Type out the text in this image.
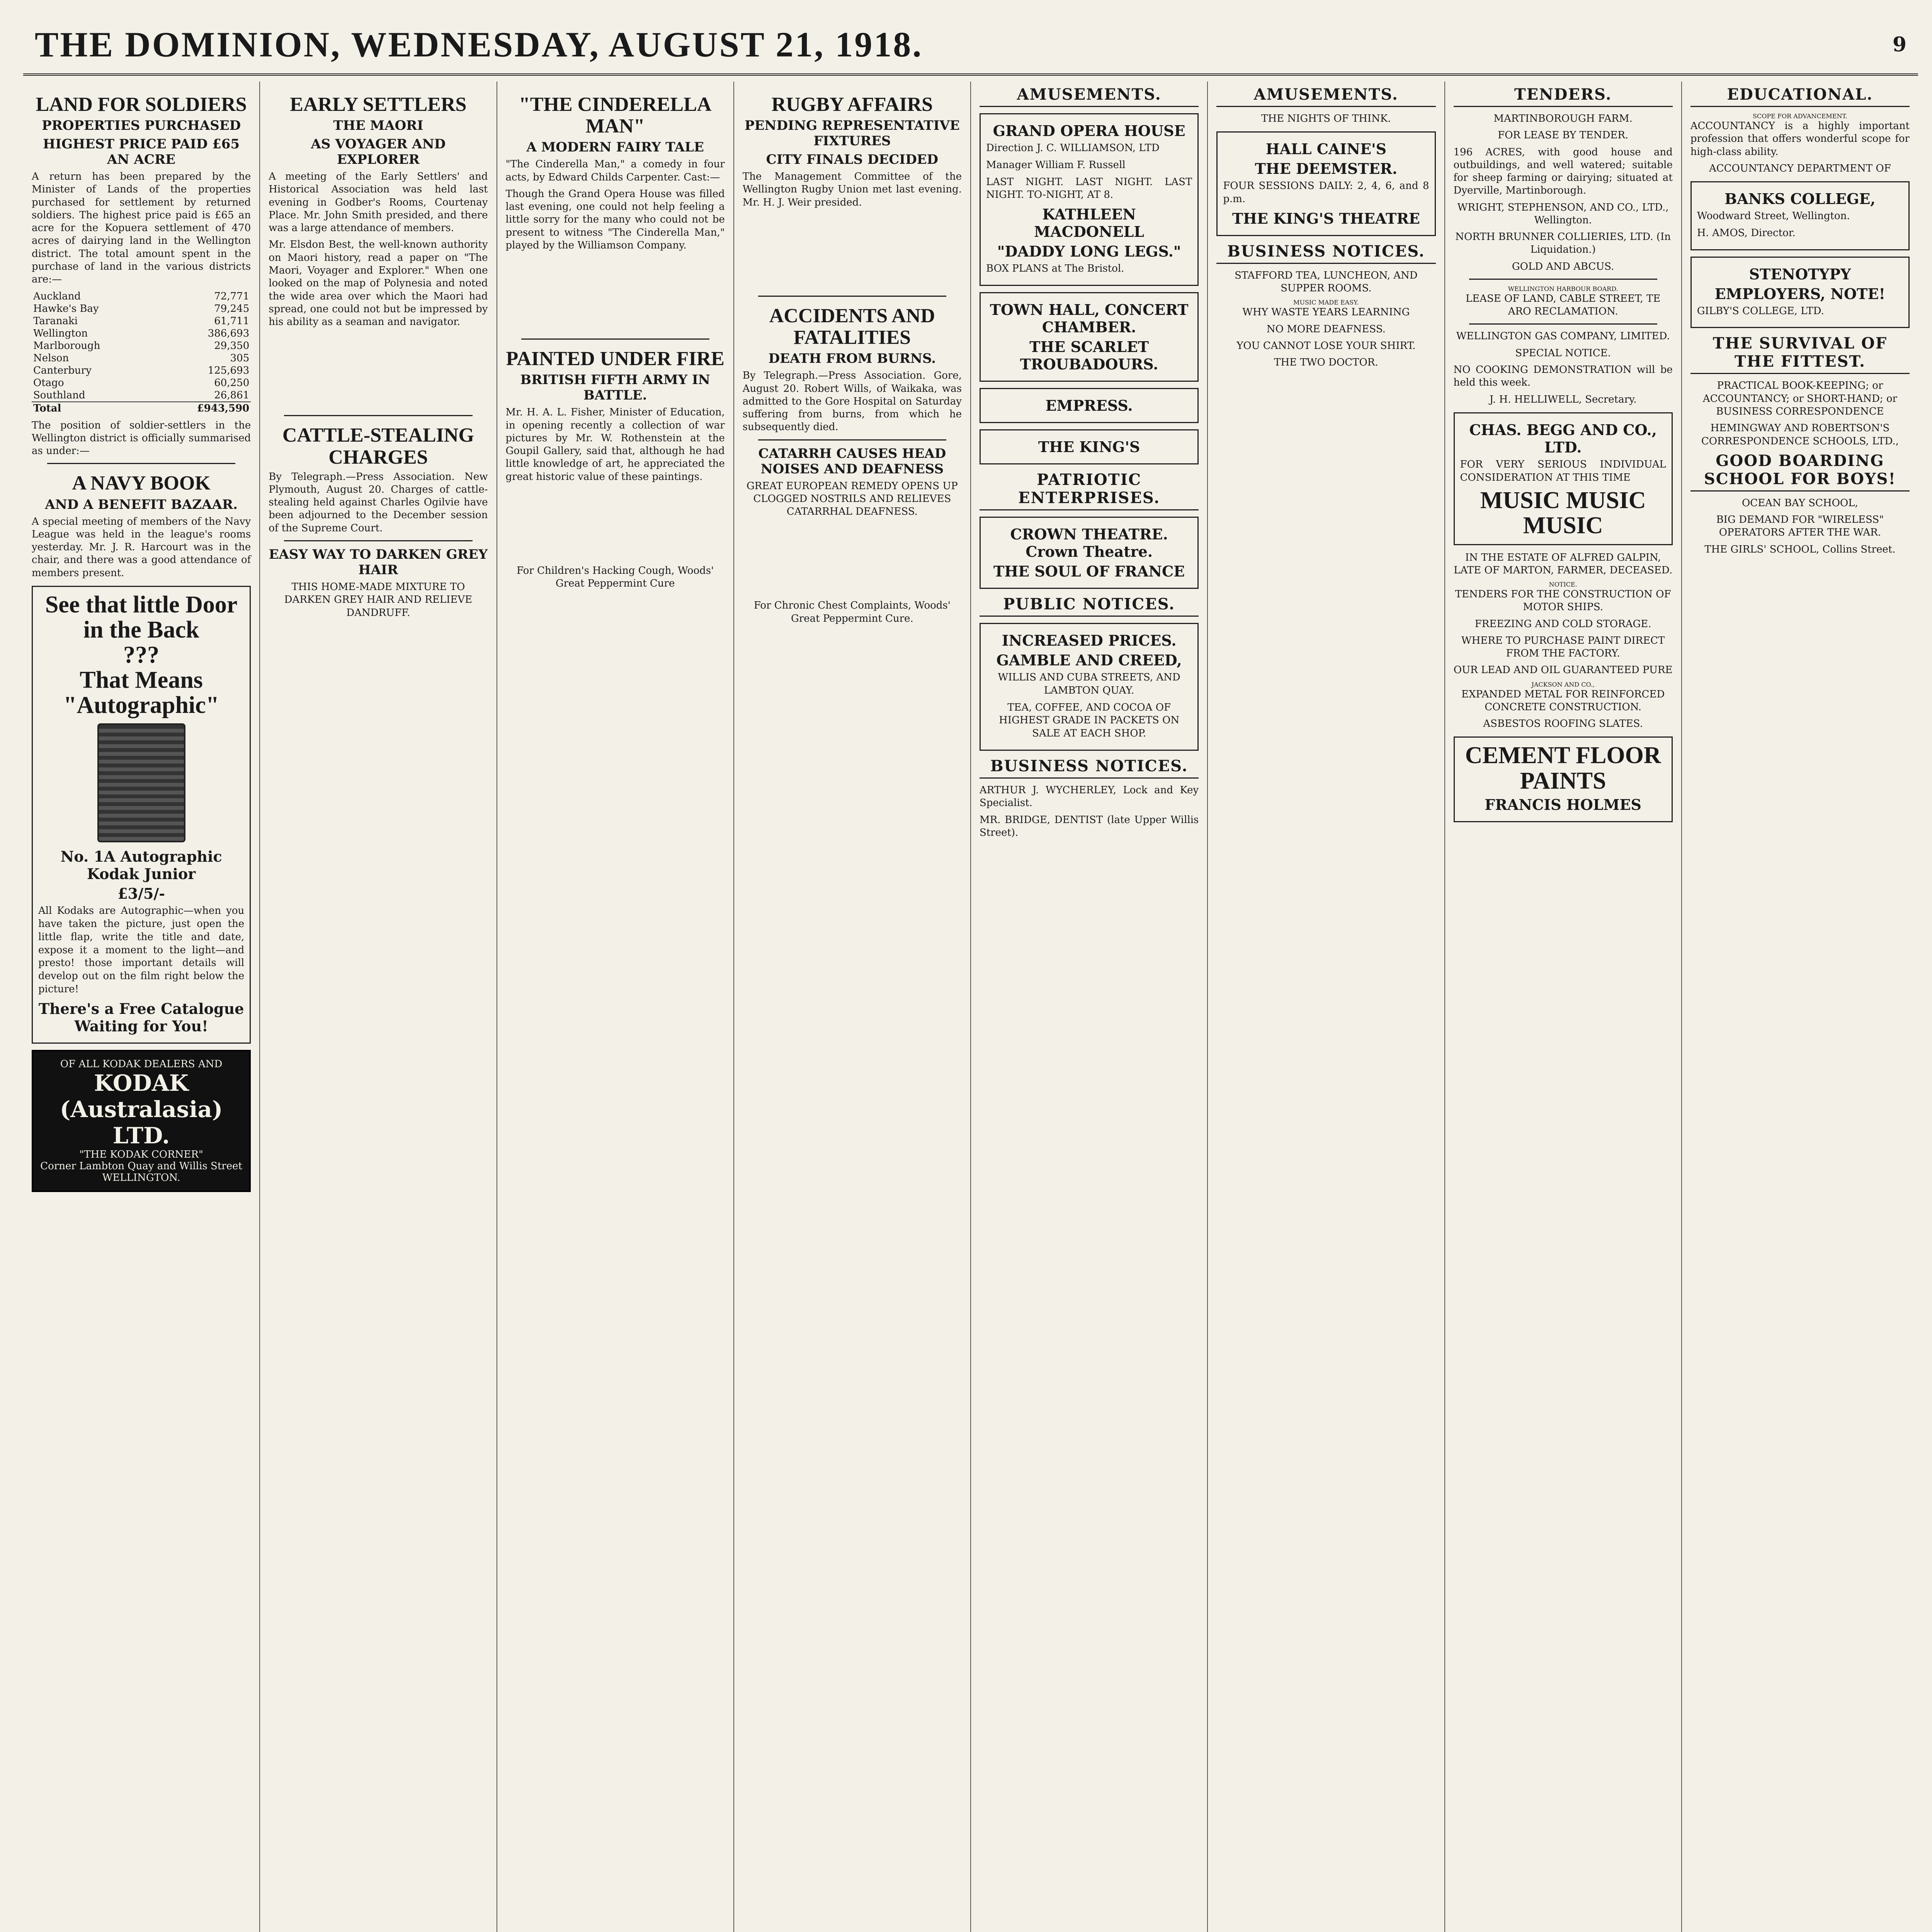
THE DOMINION, WEDNESDAY, AUGUST 21, 1918.	9
LAND FOR SOLDIERS
PROPERTIES PURCHASED
HIGHEST PRICE PAID £65 AN ACRE

A return has been prepared by the Minister of Lands of the properties purchased for settlement by returned soldiers. The highest price paid is £65 an acre for the Kopuera settlement of 470 acres of dairying land in the Wellington district. The total amount spent in the purchase of land in the various districts are:—

Auckland	72,771
Hawke's Bay	79,245
Taranaki	61,711
Wellington	386,693
Marlborough	29,350
Nelson	305
Canterbury	125,693
Otago	60,250
Southland	26,861
Total	£943,590

The position of soldier-settlers in the Wellington district is officially summarised as under:—

A NAVY BOOK
AND A BENEFIT BAZAAR.

A special meeting of members of the Navy League was held in the league's rooms yesterday. Mr. J. R. Harcourt was in the chair, and there was a good attendance of members present.

See that little Door in the Back
???
That Means
"Autographic"
No. 1A Autographic Kodak Junior
£3/5/-

All Kodaks are Autographic—when you have taken the picture, just open the little flap, write the title and date, expose it a moment to the light—and presto! those important details will develop out on the film right below the picture!

There's a Free Catalogue Waiting for You!
OF ALL KODAK DEALERS AND
KODAK (Australasia) LTD.
"THE KODAK CORNER"
Corner Lambton Quay and Willis Street
WELLINGTON.
EARLY SETTLERS
THE MAORI
AS VOYAGER AND EXPLORER

A meeting of the Early Settlers' and Historical Association was held last evening in Godber's Rooms, Courtenay Place. Mr. John Smith presided, and there was a large attendance of members.

Mr. Elsdon Best, the well-known authority on Maori history, read a paper on "The Maori, Voyager and Explorer." When one looked on the map of Polynesia and noted the wide area over which the Maori had spread, one could not but be impressed by his ability as a seaman and navigator.

CATTLE-STEALING CHARGES

By Telegraph.—Press Association. New Plymouth, August 20. Charges of cattle-stealing held against Charles Ogilvie have been adjourned to the December session of the Supreme Court.

EASY WAY TO DARKEN GREY HAIR

THIS HOME-MADE MIXTURE TO DARKEN GREY HAIR AND RELIEVE DANDRUFF.

"THE CINDERELLA MAN"
A MODERN FAIRY TALE

"The Cinderella Man," a comedy in four acts, by Edward Childs Carpenter. Cast:—

Though the Grand Opera House was filled last evening, one could not help feeling a little sorry for the many who could not be present to witness "The Cinderella Man," played by the Williamson Company.

PAINTED UNDER FIRE
BRITISH FIFTH ARMY IN BATTLE.

Mr. H. A. L. Fisher, Minister of Education, in opening recently a collection of war pictures by Mr. W. Rothenstein at the Goupil Gallery, said that, although he had little knowledge of art, he appreciated the great historic value of these paintings.

For Children's Hacking Cough, Woods' Great Peppermint Cure

RUGBY AFFAIRS
PENDING REPRESENTATIVE FIXTURES
CITY FINALS DECIDED

The Management Committee of the Wellington Rugby Union met last evening. Mr. H. J. Weir presided.

ACCIDENTS AND FATALITIES
DEATH FROM BURNS.

By Telegraph.—Press Association. Gore, August 20. Robert Wills, of Waikaka, was admitted to the Gore Hospital on Saturday suffering from burns, from which he subsequently died.

CATARRH CAUSES HEAD NOISES AND DEAFNESS

GREAT EUROPEAN REMEDY OPENS UP CLOGGED NOSTRILS AND RELIEVES CATARRHAL DEAFNESS.

For Chronic Chest Complaints, Woods' Great Peppermint Cure.

AMUSEMENTS.
GRAND OPERA HOUSE

Direction J. C. WILLIAMSON, LTD

Manager William F. Russell

LAST NIGHT. LAST NIGHT. LAST NIGHT. TO-NIGHT, AT 8.

KATHLEEN MACDONELL
"DADDY LONG LEGS."

BOX PLANS at The Bristol.

TOWN HALL, CONCERT CHAMBER.
THE SCARLET TROUBADOURS.
EMPRESS.
THE KING'S
PATRIOTIC ENTERPRISES.
CROWN THEATRE. Crown Theatre.
THE SOUL OF FRANCE
PUBLIC NOTICES.
INCREASED PRICES.
GAMBLE AND CREED,

WILLIS AND CUBA STREETS, AND LAMBTON QUAY.

TEA, COFFEE, AND COCOA OF HIGHEST GRADE IN PACKETS ON SALE AT EACH SHOP.

BUSINESS NOTICES.

ARTHUR J. WYCHERLEY, Lock and Key Specialist.

MR. BRIDGE, DENTIST (late Upper Willis Street).

AMUSEMENTS.

THE NIGHTS OF THINK.

HALL CAINE'S
THE DEEMSTER.

FOUR SESSIONS DAILY: 2, 4, 6, and 8 p.m.

THE KING'S THEATRE
BUSINESS NOTICES.

STAFFORD TEA, LUNCHEON, AND SUPPER ROOMS.

MUSIC MADE EASY.

WHY WASTE YEARS LEARNING

NO MORE DEAFNESS.

YOU CANNOT LOSE YOUR SHIRT.

THE TWO DOCTOR.

TENDERS.

MARTINBOROUGH FARM.

FOR LEASE BY TENDER.

196 ACRES, with good house and outbuildings, and well watered; suitable for sheep farming or dairying; situated at Dyerville, Martinborough.

WRIGHT, STEPHENSON, AND CO., LTD., Wellington.

NORTH BRUNNER COLLIERIES, LTD. (In Liquidation.)

GOLD AND ABCUS.

WELLINGTON HARBOUR BOARD.

LEASE OF LAND, CABLE STREET, TE ARO RECLAMATION.

WELLINGTON GAS COMPANY, LIMITED.

SPECIAL NOTICE.

NO COOKING DEMONSTRATION will be held this week.

J. H. HELLIWELL, Secretary.

CHAS. BEGG AND CO., LTD.

FOR VERY SERIOUS INDIVIDUAL CONSIDERATION AT THIS TIME

MUSIC MUSIC MUSIC

IN THE ESTATE OF ALFRED GALPIN, LATE OF MARTON, FARMER, DECEASED.

NOTICE.

TENDERS FOR THE CONSTRUCTION OF MOTOR SHIPS.

FREEZING AND COLD STORAGE.

WHERE TO PURCHASE PAINT DIRECT FROM THE FACTORY.

OUR LEAD AND OIL GUARANTEED PURE

JACKSON AND CO.,

EXPANDED METAL FOR REINFORCED CONCRETE CONSTRUCTION.

ASBESTOS ROOFING SLATES.

CEMENT FLOOR PAINTS
FRANCIS HOLMES
EDUCATIONAL.
SCOPE FOR ADVANCEMENT.

ACCOUNTANCY is a highly important profession that offers wonderful scope for high-class ability.

ACCOUNTANCY DEPARTMENT OF

BANKS COLLEGE,

Woodward Street, Wellington.

H. AMOS, Director.

STENOTYPY
EMPLOYERS, NOTE!

GILBY'S COLLEGE, LTD.

THE SURVIVAL OF THE FITTEST.

PRACTICAL BOOK-KEEPING; or ACCOUNTANCY; or SHORT-HAND; or BUSINESS CORRESPONDENCE

HEMINGWAY AND ROBERTSON'S CORRESPONDENCE SCHOOLS, LTD.,

GOOD BOARDING SCHOOL FOR BOYS!

OCEAN BAY SCHOOL,

BIG DEMAND FOR "WIRELESS" OPERATORS AFTER THE WAR.

THE GIRLS' SCHOOL, Collins Street.
